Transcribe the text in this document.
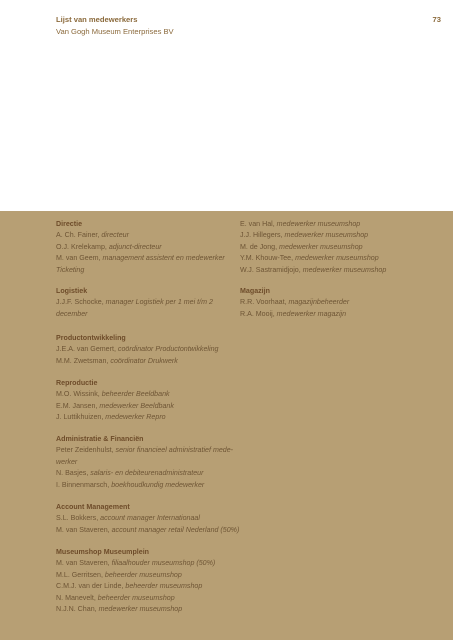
Lijst van medewerkers
Van Gogh Museum Enterprises BV
73
Directie
A. Ch. Fainer, directeur
O.J. Krelekamp, adjunct-directeur
M. van Geem, management assistent en medewerker
Ticketing
Logistiek
J.J.F. Schocke, manager Logistiek per 1 mei t/m 2
december
Productontwikkeling
J.E.A. van Gemert, coördinator Productontwikkeling
M.M. Zwetsman, coördinator Drukwerk
Reproductie
M.O. Wissink, beheerder Beeldbank
E.M. Jansen, medewerker Beeldbank
J. Luttikhuizen, medewerker Repro
Administratie & Financiën
Peter Zeidenhulst, senior financieel administratief mede-
werker
N. Basjes, salaris- en debiteurenadministrateur
I. Binnenmarsch, boekhoudkundig medewerker
Account Management
S.L. Bokkers, account manager Internationaal
M. van Staveren, account manager retail Nederland (50%)
Museumshop Museumplein
M. van Staveren, filiaalhouder museumshop (50%)
M.L. Gerritsen, beheerder museumshop
C.M.J. van der Linde, beheerder museumshop
N. Manevelt, beheerder museumshop
N.J.N. Chan, medewerker museumshop
E. van Hal, medewerker museumshop
J.J. Hillegers, medewerker museumshop
M. de Jong, medewerker museumshop
Y.M. Khouw-Tee, medewerker museumshop
W.J. Sastramidjojo, medewerker museumshop
Magazijn
R.R. Voorhaat, magazijnbeheerder
R.A. Mooij, medewerker magazijn
